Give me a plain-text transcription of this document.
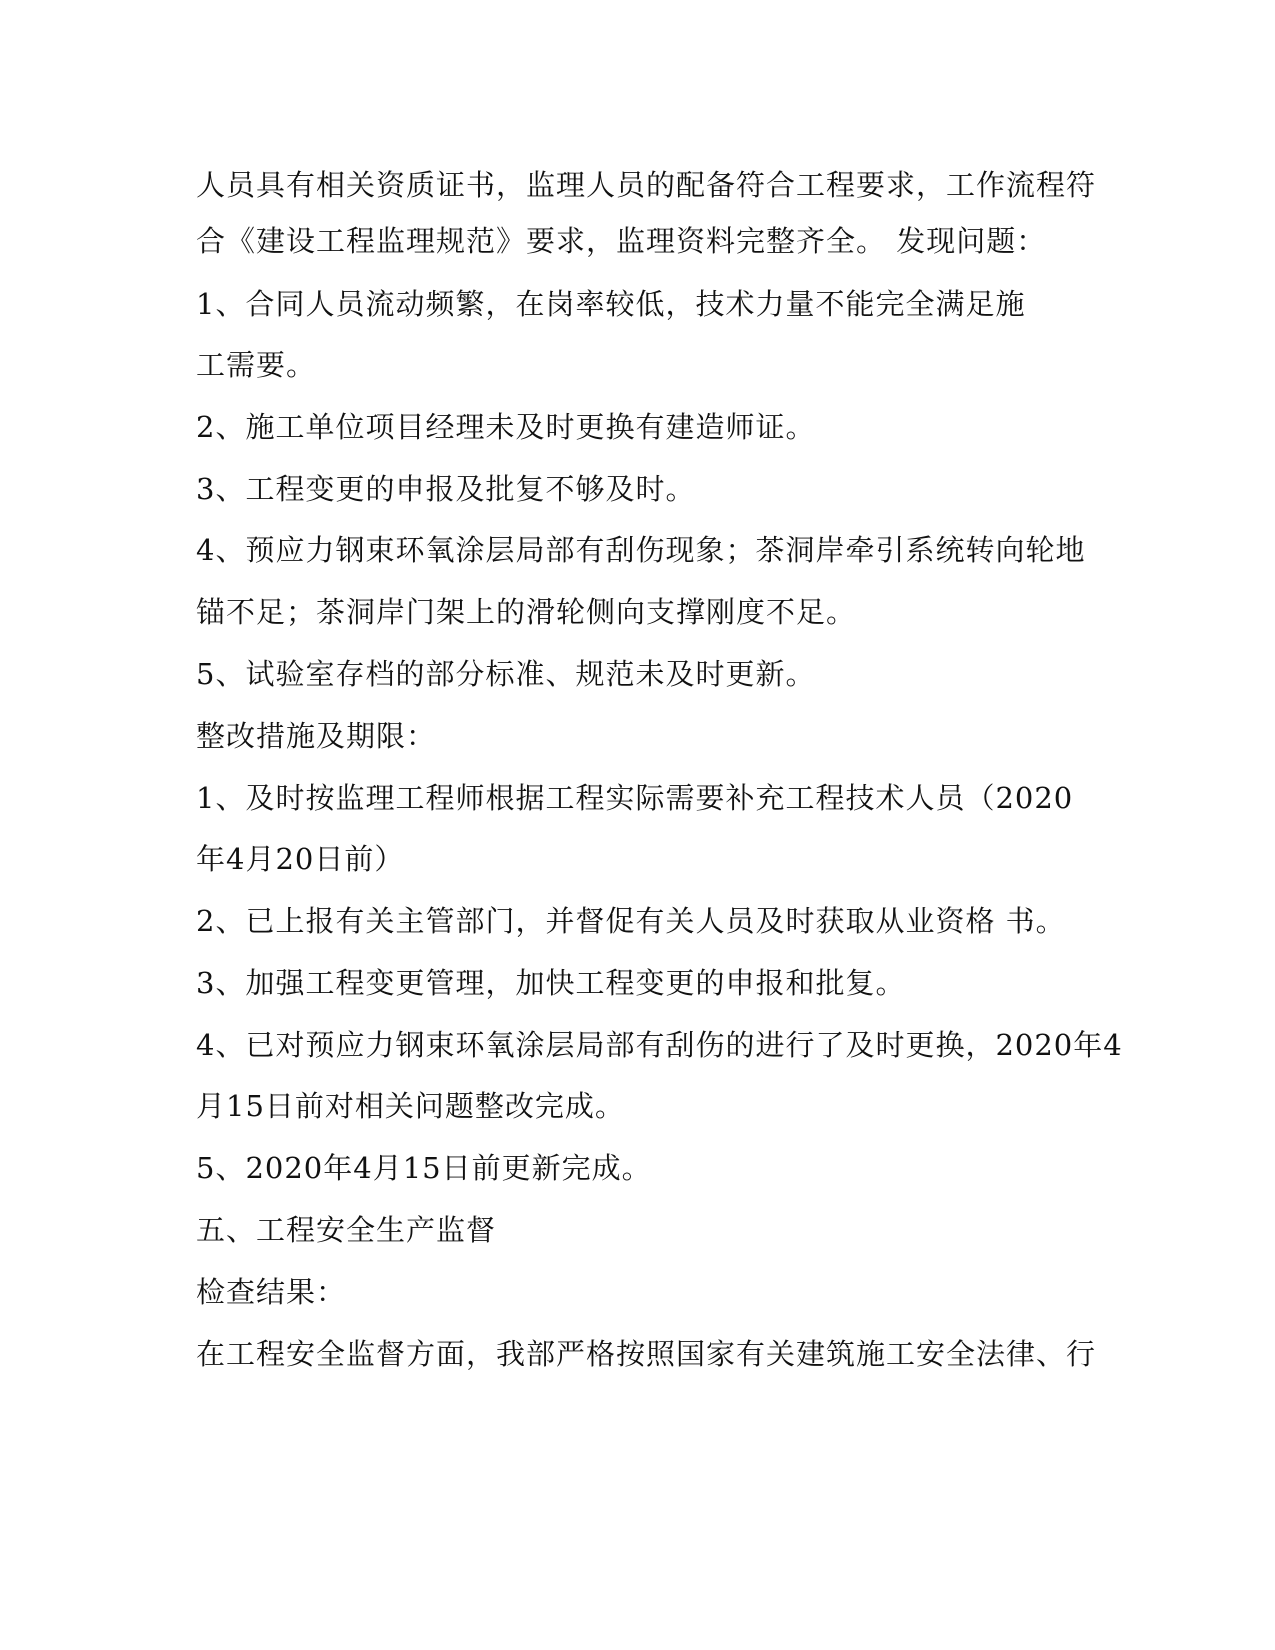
人员具有相关资质证书，监理人员的配备符合工程要求，工作流程符
合《建设工程监理规范》要求，监理资料完整齐全。 发现问题：
1、合同人员流动频繁，在岗率较低，技术力量不能完全满足施
工需要。
2、施工单位项目经理未及时更换有建造师证。
3、工程变更的申报及批复不够及时。
4、预应力钢束环氧涂层局部有刮伤现象；茶洞岸牵引系统转向轮地
锚不足；茶洞岸门架上的滑轮侧向支撑刚度不足。
5、试验室存档的部分标准、规范未及时更新。
整改措施及期限：
1、及时按监理工程师根据工程实际需要补充工程技术人员（2020
年4月20日前）
2、已上报有关主管部门，并督促有关人员及时获取从业资格 书。
3、加强工程变更管理，加快工程变更的申报和批复。
4、已对预应力钢束环氧涂层局部有刮伤的进行了及时更换，2020年4
月15日前对相关问题整改完成。
5、2020年4月15日前更新完成。
五、工程安全生产监督
检查结果：
在工程安全监督方面，我部严格按照国家有关建筑施工安全法律、行
